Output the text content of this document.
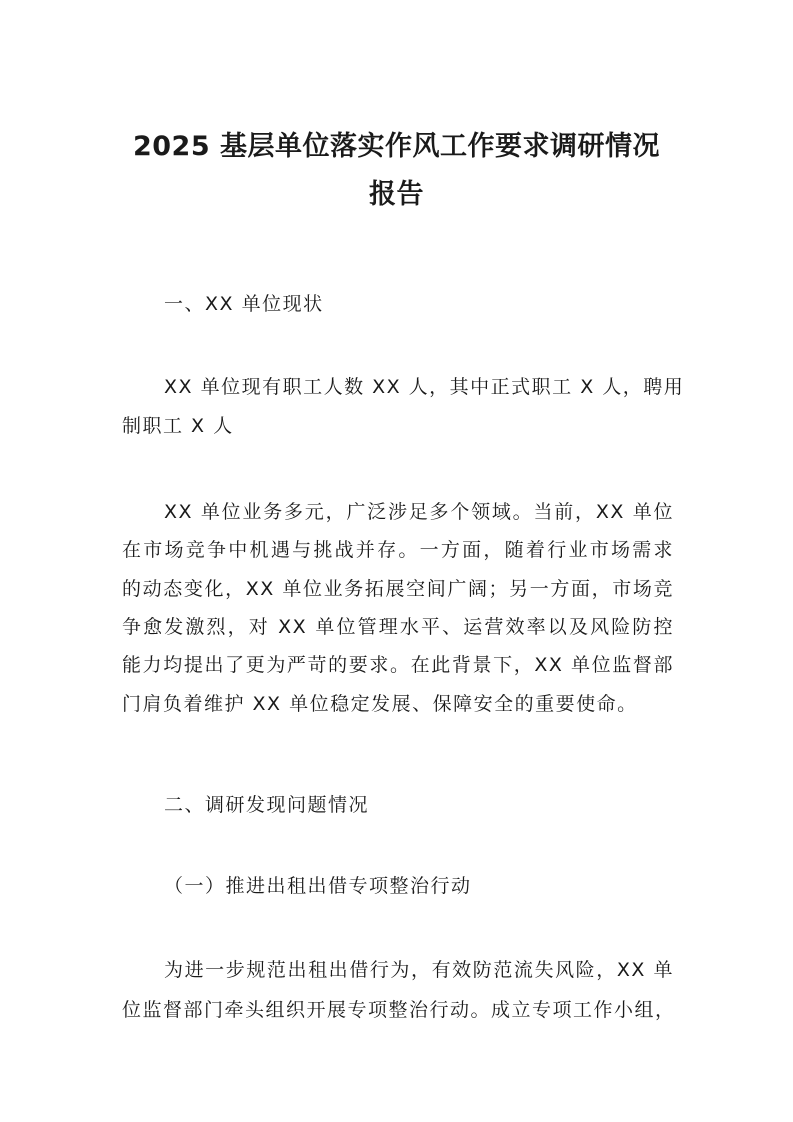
2025 基层单位落实作风工作要求调研情况
报告

一、XX 单位现状

XX 单位现有职工人数 XX 人，其中正式职工 X 人，聘用

制职工 X 人

XX 单位业务多元，广泛涉足多个领域。当前，XX 单位

在市场竞争中机遇与挑战并存。一方面，随着行业市场需求

的动态变化，XX 单位业务拓展空间广阔；另一方面，市场竞

争愈发激烈，对 XX 单位管理水平、运营效率以及风险防控

能力均提出了更为严苛的要求。在此背景下，XX 单位监督部

门肩负着维护 XX 单位稳定发展、保障安全的重要使命。

二、调研发现问题情况

（一）推进出租出借专项整治行动

为进一步规范出租出借行为，有效防范流失风险，XX 单

位监督部门牵头组织开展专项整治行动。成立专项工作小组，
